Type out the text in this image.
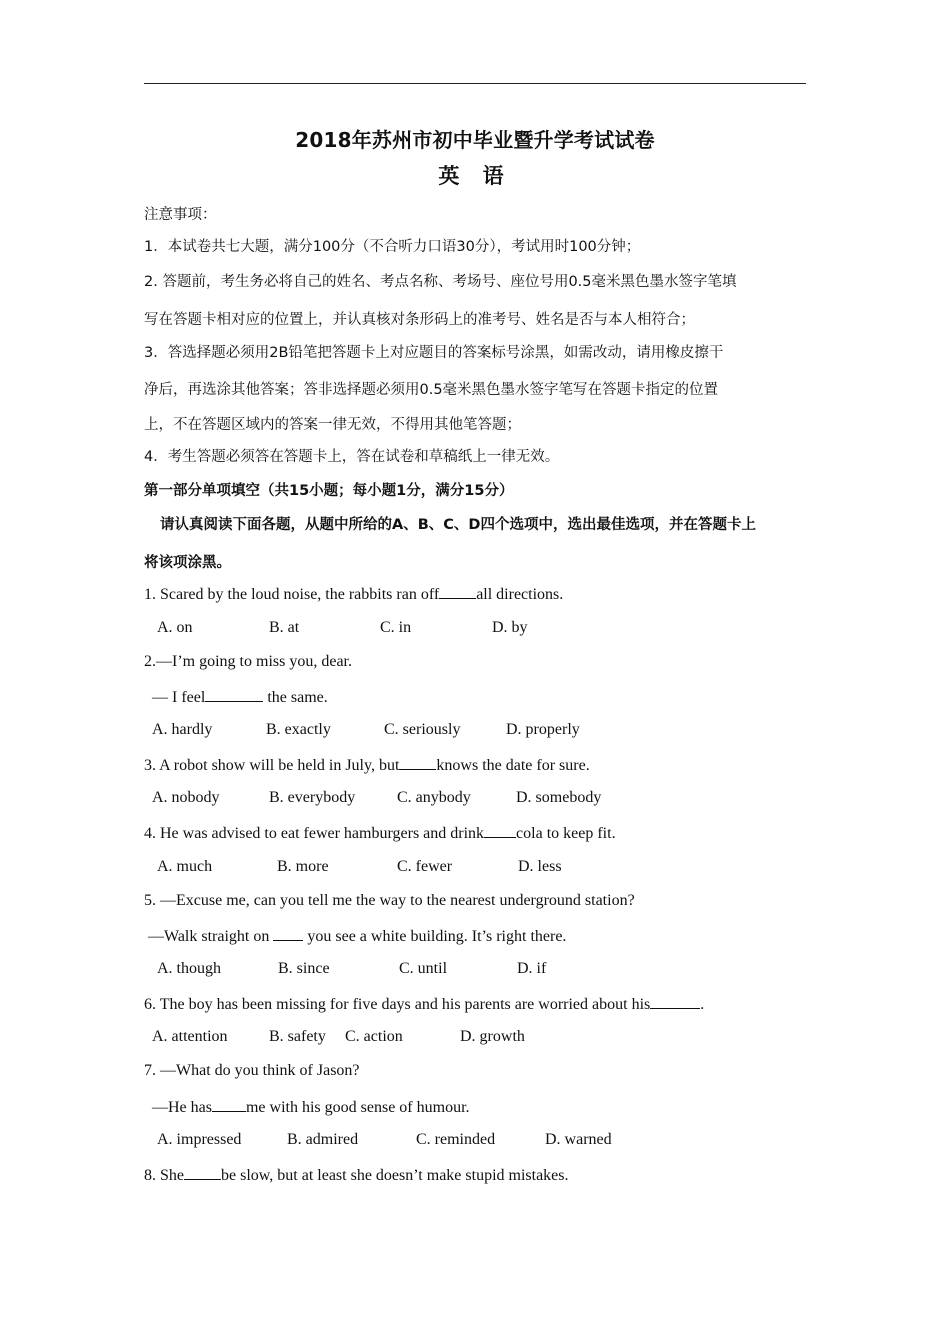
2018年苏州市初中毕业暨升学考试试卷
英 语
注意事项：
1．本试卷共七大题，满分100分（不合听力口语30分），考试用时100分钟；
2. 答题前，考生务必将自己的姓名、考点名称、考场号、座位号用0.5毫米黑色墨水签字笔填
写在答题卡相对应的位置上，并认真核对条形码上的准考号、姓名是否与本人相符合；
3．答选择题必须用2B铅笔把答题卡上对应题目的答案标号涂黑，如需改动，请用橡皮擦干
净后，再选涂其他答案；答非选择题必须用0.5毫米黑色墨水签字笔写在答题卡指定的位置
上，不在答题区域内的答案一律无效，不得用其他笔答题；
4．考生答题必须答在答题卡上，答在试卷和草稿纸上一律无效。
第一部分单项填空（共15小题；每小题1分，满分15分）
请认真阅读下面各题，从题中所给的A、B、C、D四个选项中，选出最佳选项，并在答题卡上
将该项涂黑。
1. Scared by the loud noise, the rabbits ran off all directions.
A. on	B. at	C. in	D. by
2.—I’m going to miss you, dear.
— I feel	the same.
A. hardly	B. exactly	C. seriously	D. properly
3. A robot show will be held in July, but knows the date for sure.
A. nobody	B. everybody	C. anybody	D. somebody
4. He was advised to eat fewer hamburgers and drink cola to keep fit.
A. much	B. more	C. fewer	D. less
5. —Excuse me, can you tell me the way to the nearest underground station?
—Walk straight on  you see a white building. It’s right there.
A. though	B. since	C. until	D. if
6. The boy has been missing for five days and his parents are worried about his	.
A. attention	B. safety C. action	D. growth
7. —What do you think of Jason?
—He has me with his good sense of humour.
A. impressed	B. admired	C. reminded	D. warned
8. She be slow, but at least she doesn’t make stupid mistakes.
